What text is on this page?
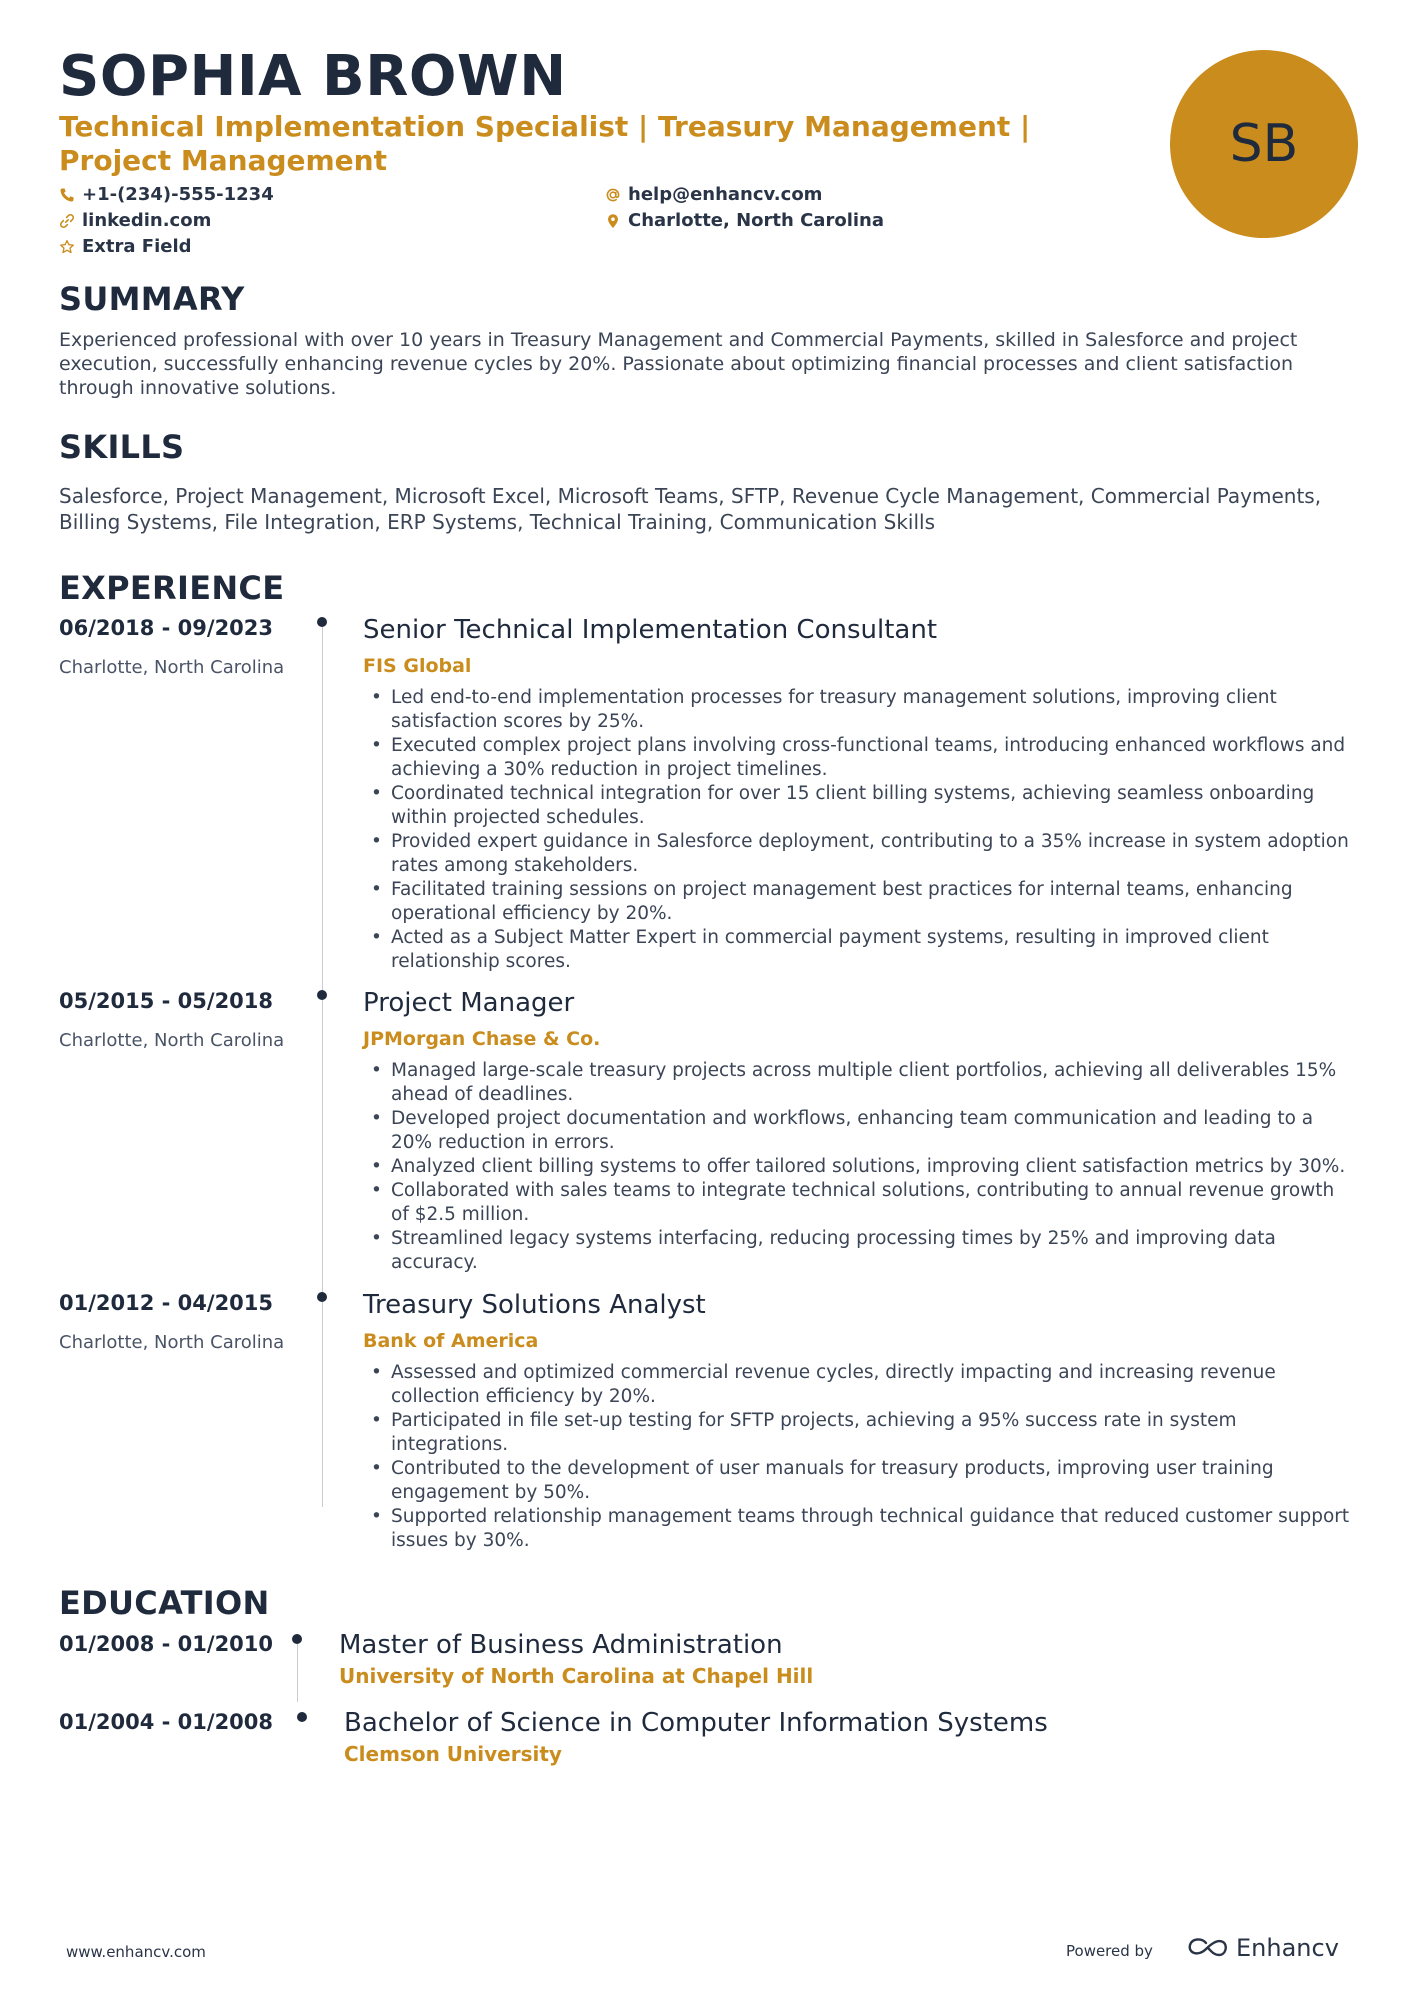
SOPHIA BROWN
Technical Implementation Specialist | Treasury Management | Project Management
+1-(234)-555-1234	help@enhancv.com
linkedin.com	Charlotte, North Carolina
Extra Field
SB
SUMMARY
Experienced professional with over 10 years in Treasury Management and Commercial Payments, skilled in Salesforce and project execution, successfully enhancing revenue cycles by 20%. Passionate about optimizing financial processes and client satisfaction through innovative solutions.
SKILLS
Salesforce, Project Management, Microsoft Excel, Microsoft Teams, SFTP, Revenue Cycle Management, Commercial Payments, Billing Systems, File Integration, ERP Systems, Technical Training, Communication Skills
EXPERIENCE
06/2018 - 09/2023
Charlotte, North Carolina
Senior Technical Implementation Consultant
FIS Global
• Led end-to-end implementation processes for treasury management solutions, improving client satisfaction scores by 25%.
• Executed complex project plans involving cross-functional teams, introducing enhanced workflows and achieving a 30% reduction in project timelines.
• Coordinated technical integration for over 15 client billing systems, achieving seamless onboarding within projected schedules.
• Provided expert guidance in Salesforce deployment, contributing to a 35% increase in system adoption rates among stakeholders.
• Facilitated training sessions on project management best practices for internal teams, enhancing operational efficiency by 20%.
• Acted as a Subject Matter Expert in commercial payment systems, resulting in improved client relationship scores.
05/2015 - 05/2018
Charlotte, North Carolina
Project Manager
JPMorgan Chase & Co.
• Managed large-scale treasury projects across multiple client portfolios, achieving all deliverables 15% ahead of deadlines.
• Developed project documentation and workflows, enhancing team communication and leading to a 20% reduction in errors.
• Analyzed client billing systems to offer tailored solutions, improving client satisfaction metrics by 30%.
• Collaborated with sales teams to integrate technical solutions, contributing to annual revenue growth of $2.5 million.
• Streamlined legacy systems interfacing, reducing processing times by 25% and improving data accuracy.
01/2012 - 04/2015
Charlotte, North Carolina
Treasury Solutions Analyst
Bank of America
• Assessed and optimized commercial revenue cycles, directly impacting and increasing revenue collection efficiency by 20%.
• Participated in file set-up testing for SFTP projects, achieving a 95% success rate in system integrations.
• Contributed to the development of user manuals for treasury products, improving user training engagement by 50%.
• Supported relationship management teams through technical guidance that reduced customer support issues by 30%.
EDUCATION
01/2008 - 01/2010	Master of Business Administration
University of North Carolina at Chapel Hill
01/2004 - 01/2008	Bachelor of Science in Computer Information Systems
Clemson University
www.enhancv.com	Powered by	Enhancv
